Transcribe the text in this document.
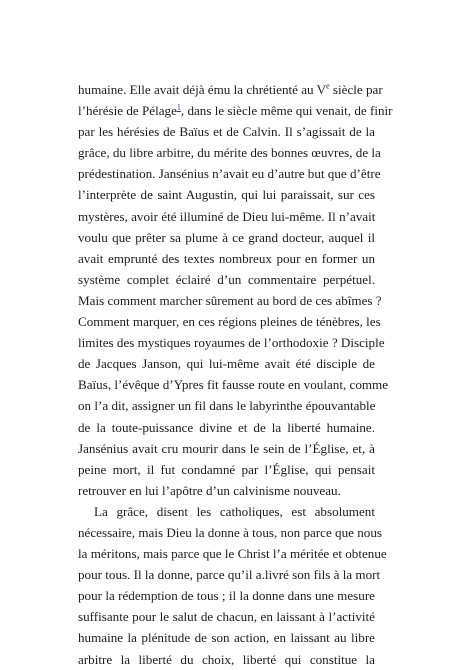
humaine. Elle avait déjà ému la chrétienté au Ve siècle par
l’hérésie de Pélage$^1$, dans le siècle même qui venait, de finir
par les hérésies de Baïus et de Calvin. Il s’agissait de la
grâce, du libre arbitre, du mérite des bonnes œuvres, de la
prédestination. Jansénius n’avait eu d’autre but que d’être
l’interprète de saint Augustin, qui lui paraissait, sur ces
mystères, avoir été illuminé de Dieu lui-même. Il n’avait
voulu que prêter sa plume à ce grand docteur, auquel il
avait emprunté des textes nombreux pour en former un
système complet éclairé d’un commentaire perpétuel.
Mais comment marcher sûrement au bord de ces abîmes ?
Comment marquer, en ces régions pleines de ténèbres, les
limites des mystiques royaumes de l’orthodoxie ? Disciple
de Jacques Janson, qui lui-même avait été disciple de
Baïus, l’évêque d’Ypres fit fausse route en voulant, comme
on l’a dit, assigner un fil dans le labyrinthe épouvantable
de la toute-puissance divine et de la liberté humaine.
Jansénius avait cru mourir dans le sein de l’Église, et, à
peine mort, il fut condamné par l’Église, qui pensait
retrouver en lui l’apôtre d’un calvinisme nouveau.
La grâce, disent les catholiques, est absolument
nécessaire, mais Dieu la donne à tous, non parce que nous
la méritons, mais parce que le Christ l’a méritée et obtenue
pour tous. Il la donne, parce qu’il a.livré son fils à la mort
pour la rédemption de tous ; il la donne dans une mesure
suffisante pour le salut de chacun, en laissant à l’activité
humaine la plénitude de son action, en laissant au libre
arbitre la liberté du choix, liberté qui constitue la
